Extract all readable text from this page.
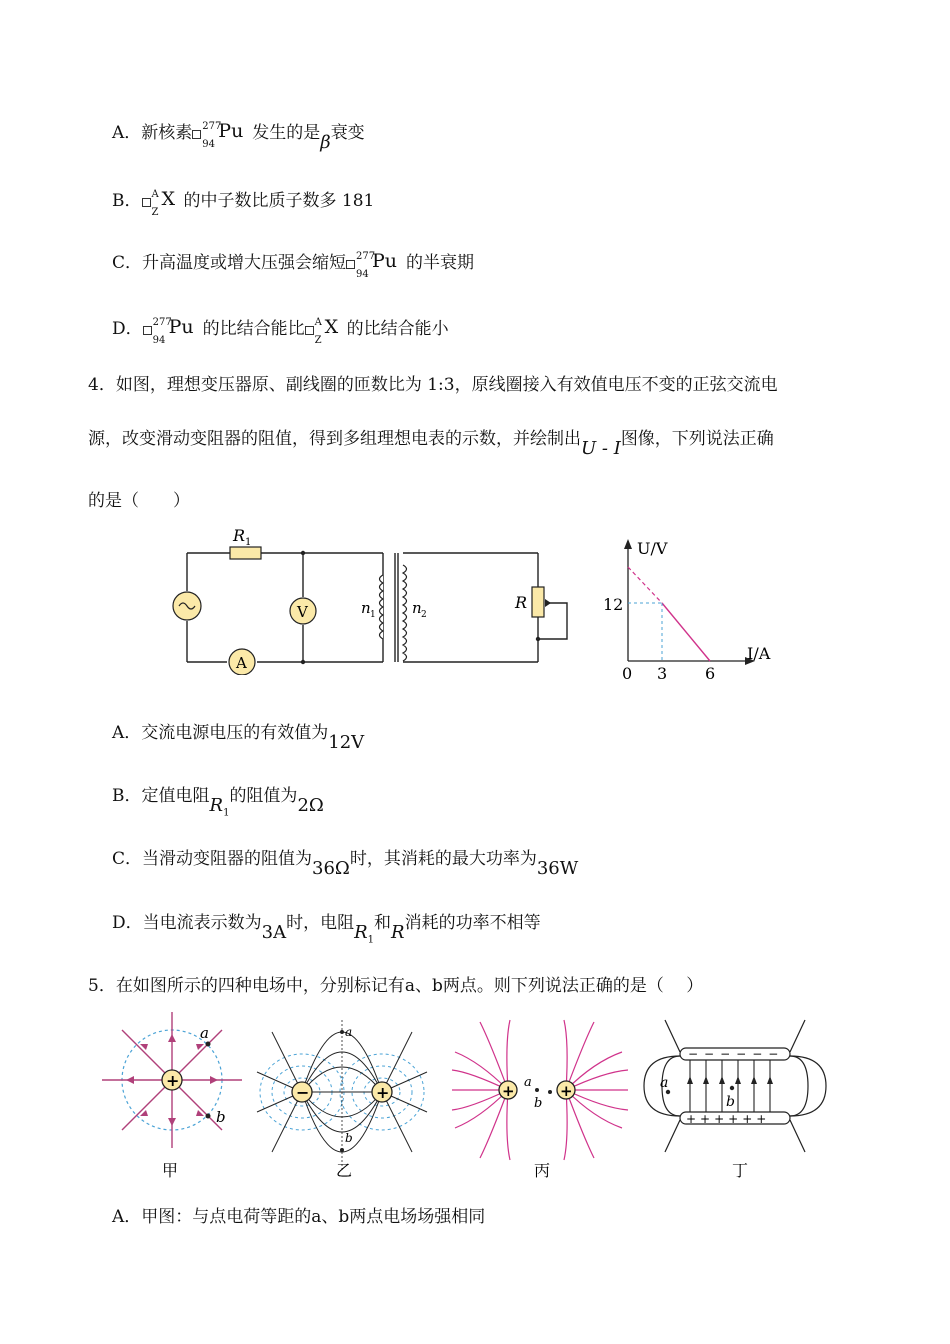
A．新核素 277
94
Pu 发生的是β衰变
B． A
Z
X 的中子数比质子数多 181
C．升高温度或增大压强会缩短 277
94
Pu 的半衰期
D． 277
94
Pu 的比结合能比 A
Z
X 的比结合能小
4．如图，理想变压器原、副线圈的匝数比为 1:3，原线圈接入有效值电压不变的正弦交流电
源，改变滑动变阻器的阻值，得到多组理想电表的示数，并绘制出U - I图像，下列说法正确
的是（　　）
R 1
V
A
n 1 n 2
R
U/V
I/A
12
0 3 6
A．交流电源电压的有效值为12V
B．定值电阻$R_1$的阻值为2Ω
C．当滑动变阻器的阻值为36Ω时，其消耗的最大功率为36W
D．当电流表示数为3A时，电阻$R_1$和R消耗的功率不相等
5．在如图所示的四种电场中，分别标记有a、b两点。则下列说法正确的是（　 ）
+
a
b
甲
−	+
a
b
乙
+	+
a
b
丙
−−−−−−
++++++
a
b
丁
A．甲图：与点电荷等距的a、b两点电场场强相同
